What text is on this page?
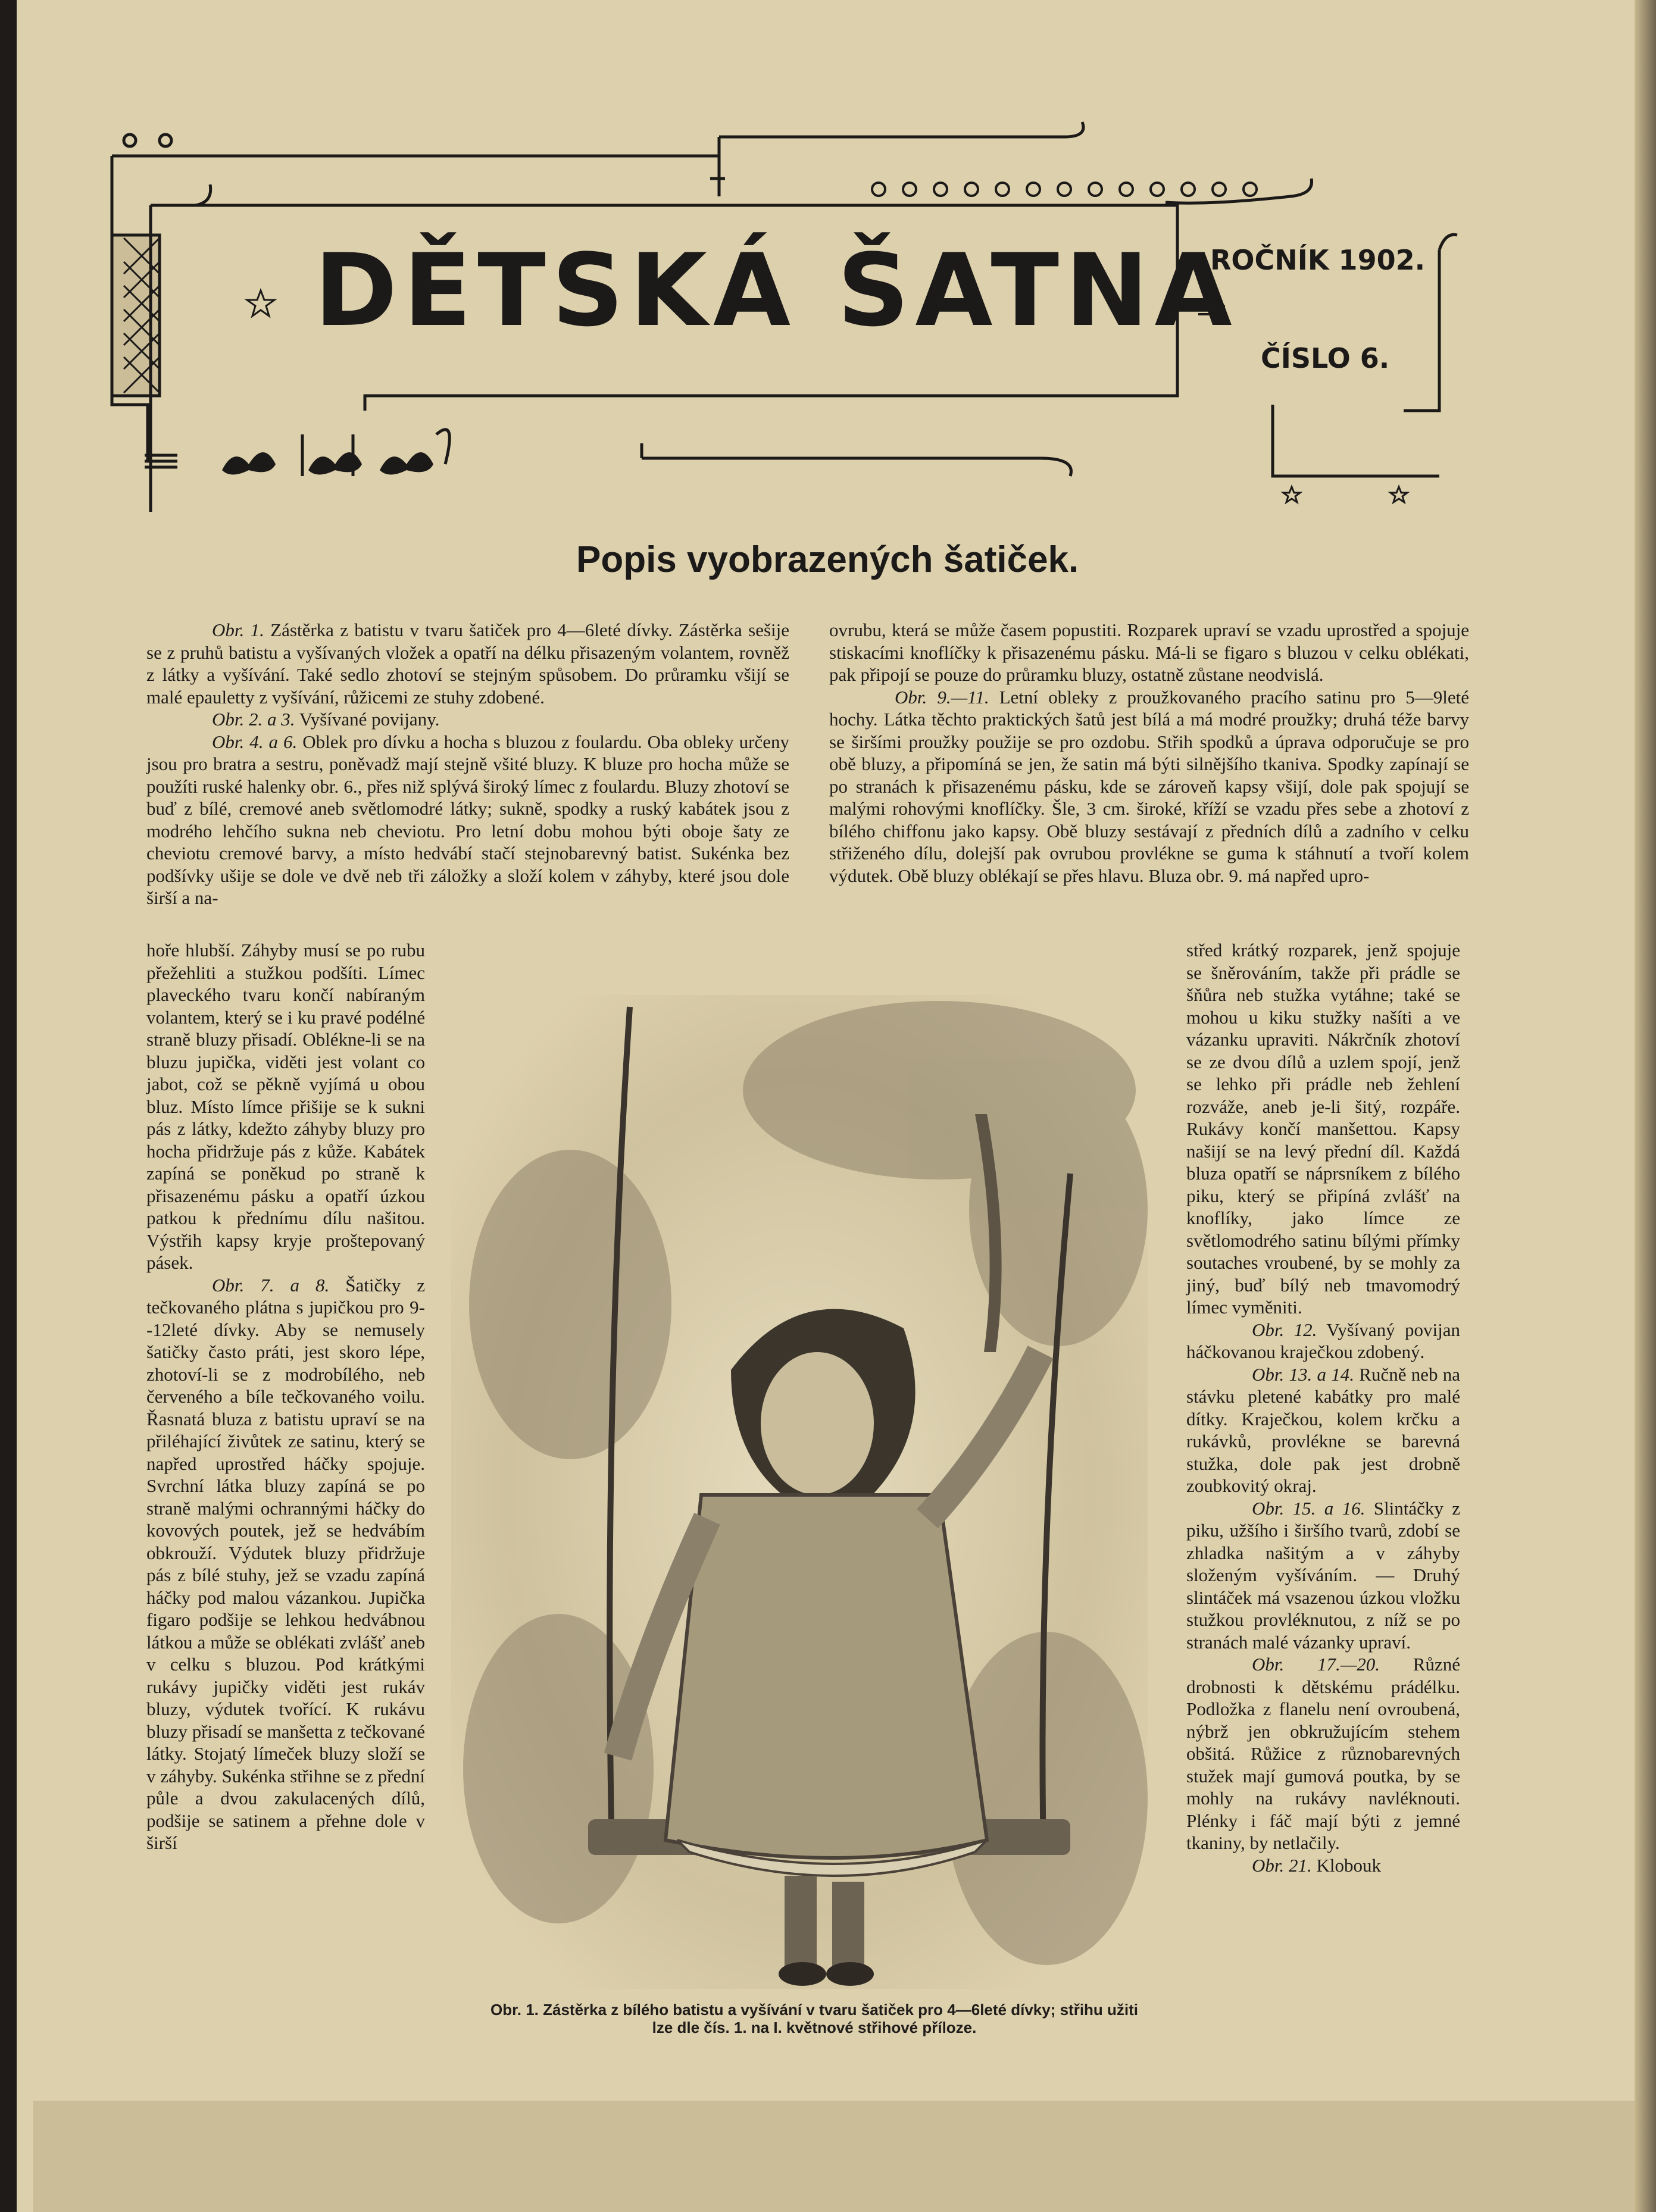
DĚTSKÁ ŠATNA
ROČNÍK 1902.
ČÍSLO 6.
Popis vyobrazených šatiček.

Obr. 1. Zástěrka z batistu v tvaru šatiček pro 4—6leté dívky. Zástěrka sešije se z pruhů batistu a vyšívaných vložek a opatří na délku přisazeným volantem, rovněž z látky a vyšívání. Také sedlo zhotoví se stejným spůsobem. Do průramku všijí se malé epauletty z vyšívání, růžicemi ze stuhy zdobené.

Obr. 2. a 3. Vyšívané povijany.

Obr. 4. a 6. Oblek pro dívku a hocha s bluzou z foulardu. Oba obleky určeny jsou pro bratra a sestru, poněvadž mají stejně všité bluzy. K bluze pro hocha může se použíti ruské halenky obr. 6., přes niž splývá široký límec z foulardu. Bluzy zhotoví se buď z bílé, cremové aneb světlomodré látky; sukně, spodky a ruský kabátek jsou z modrého lehčího sukna neb cheviotu. Pro letní dobu mohou býti oboje šaty ze cheviotu cremové barvy, a místo hedvábí stačí stejnobarevný batist. Sukénka bez podšívky ušije se dole ve dvě neb tři záložky a složí kolem v záhyby, které jsou dole širší a na-

hoře hlubší. Záhyby musí se po rubu přežehliti a stužkou podšíti. Límec plaveckého tvaru končí nabíraným volantem, který se i ku pravé podélné straně bluzy přisadí. Oblékne-li se na bluzu jupička, viděti jest volant co jabot, což se pěkně vyjímá u obou bluz. Místo límce přišije se k sukni pás z látky, kdežto záhyby bluzy pro hocha přidržuje pás z kůže. Kabátek zapíná se poněkud po straně k přisazenému pásku a opatří úzkou patkou k přednímu dílu našitou. Výstřih kapsy kryje proštepovaný pásek.

Obr. 7. a 8. Šatičky z tečkovaného plátna s jupičkou pro 9--12leté dívky. Aby se nemusely šatičky často práti, jest skoro lépe, zhotoví-li se z modrobílého, neb červeného a bíle tečkovaného voilu. Řasnatá bluza z batistu upraví se na přiléhající živůtek ze satinu, který se napřed uprostřed háčky spojuje. Svrchní látka bluzy zapíná se po straně malými ochrannými háčky do kovových poutek, jež se hedvábím obkrouží. Výdutek bluzy přidržuje pás z bílé stuhy, jež se vzadu zapíná háčky pod malou vázankou. Jupička figaro podšije se lehkou hedvábnou látkou a může se oblékati zvlášť aneb v celku s bluzou. Pod krátkými rukávy jupičky viděti jest rukáv bluzy, výdutek tvořící. K rukávu bluzy přisadí se manšetta z tečkované látky. Stojatý límeček bluzy složí se v záhyby. Sukénka střihne se z přední půle a dvou zakulacených dílů, podšije se satinem a přehne dole v širší

ovrubu, která se může časem popustiti. Rozparek upraví se vzadu uprostřed a spojuje stiskacími knoflíčky k přisazenému pásku. Má-li se figaro s bluzou v celku oblékati, pak připojí se pouze do průramku bluzy, ostatně zůstane neodvislá.

Obr. 9.—11. Letní obleky z proužkovaného pracího satinu pro 5—9leté hochy. Látka těchto praktických šatů jest bílá a má modré proužky; druhá téže barvy se širšími proužky použije se pro ozdobu. Střih spodků a úprava odporučuje se pro obě bluzy, a připomíná se jen, že satin má býti silnějšího tkaniva. Spodky zapínají se po stranách k přisazenému pásku, kde se zároveň kapsy všijí, dole pak spojují se malými rohovými knoflíčky. Šle, 3 cm. široké, kříží se vzadu přes sebe a zhotoví z bílého chiffonu jako kapsy. Obě bluzy sestávají z předních dílů a zadního v celku střiženého dílu, dolejší pak ovrubou provlékne se guma k stáhnutí a tvoří kolem výdutek. Obě bluzy oblékají se přes hlavu. Bluza obr. 9. má napřed upro-

střed krátký rozparek, jenž spojuje se šněrováním, takže při prádle se šňůra neb stužka vytáhne; také se mohou u kiku stužky našíti a ve vázanku upraviti. Nákrčník zhotoví se ze dvou dílů a uzlem spojí, jenž se lehko při prádle neb žehlení rozváže, aneb je-li šitý, rozpáře. Rukávy končí manšettou. Kapsy našijí se na levý přední díl. Každá bluza opatří se náprsníkem z bílého piku, který se připíná zvlášť na knoflíky, jako límce ze světlomodrého satinu bílými přímky soutaches vroubené, by se mohly za jiný, buď bílý neb tmavomodrý límec vyměniti.

Obr. 12. Vyšívaný povijan háčkovanou kraječkou zdobený.

Obr. 13. a 14. Ručně neb na stávku pletené kabátky pro malé dítky. Kraječkou, kolem krčku a rukávků, provlékne se barevná stužka, dole pak jest drobně zoubkovitý okraj.

Obr. 15. a 16. Slintáčky z piku, užšího i širšího tvarů, zdobí se zhladka našitým a v záhyby složeným vyšíváním. — Druhý slintáček má vsazenou úzkou vložku stužkou provléknutou, z níž se po stranách malé vázanky upraví.

Obr. 17.—20. Různé drobnosti k dětskému prádélku. Podložka z flanelu není ovroubená, nýbrž jen obkružujícím stehem obšitá. Růžice z různobarevných stužek mají gumová poutka, by se mohly na rukávy navléknouti. Plénky i fáč mají býti z jemné tkaniny, by netlačily.

Obr. 21. Klobouk

Obr. 1. Zástěrka z bílého batistu a vyšívání v tvaru šatiček pro 4—6leté dívky; střihu užiti
lze dle čís. 1. na I. květnové střihové příloze.
